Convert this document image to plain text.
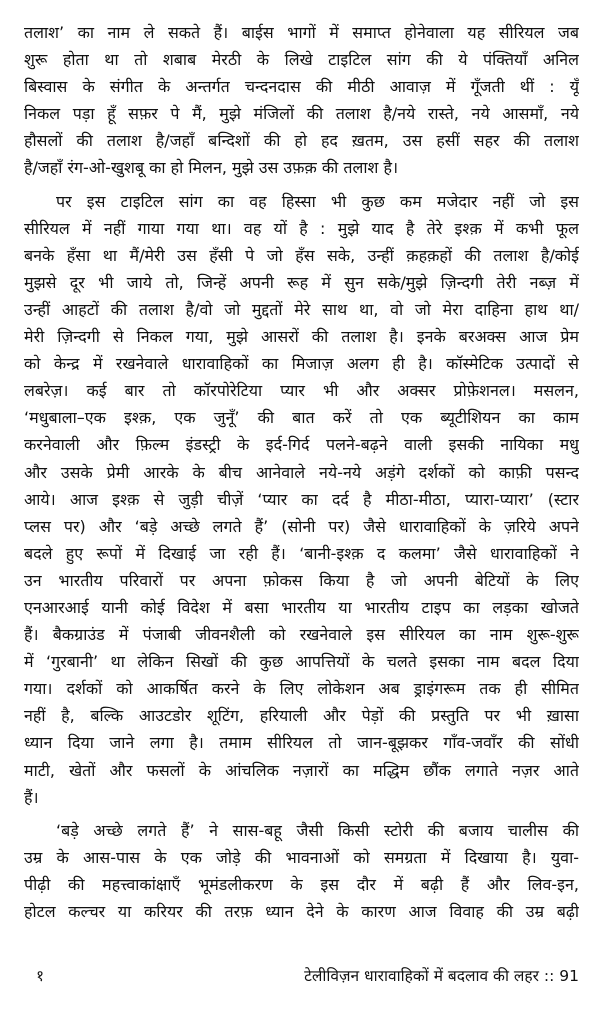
तलाश’ का नाम ले सकते हैं। बाईस भागों में समाप्त होनेवाला यह सीरियल जब
शुरू होता था तो शबाब मेरठी के लिखे टाइटिल सांग की ये पंक्तियाँ अनिल
बिस्वास के संगीत के अन्तर्गत चन्दनदास की मीठी आवाज़ में गूँजती थीं : यूँ
निकल पड़ा हूँ सफ़र पे मैं, मुझे मंजिलों की तलाश है/नये रास्ते, नये आसमाँ, नये
हौसलों की तलाश है/जहाँ बन्दिशों की हो हद ख़तम, उस हसीं सहर की तलाश
है/जहाँ रंग-ओ-खुशबू का हो मिलन, मुझे उस उफ़क़ की तलाश है।
पर इस टाइटिल सांग का वह हिस्सा भी कुछ कम मजेदार नहीं जो इस
सीरियल में नहीं गाया गया था। वह यों है : मुझे याद है तेरे इश्क़ में कभी फूल
बनके हँसा था मैं/मेरी उस हँसी पे जो हँस सके, उन्हीं क़हक़हों की तलाश है/कोई
मुझसे दूर भी जाये तो, जिन्हें अपनी रूह में सुन सके/मुझे ज़िन्दगी तेरी नब्ज़ में
उन्हीं आहटों की तलाश है/वो जो मुद्दतों मेरे साथ था, वो जो मेरा दाहिना हाथ था/
मेरी ज़िन्दगी से निकल गया, मुझे आसरों की तलाश है। इनके बरअक्स आज प्रेम
को केन्द्र में रखनेवाले धारावाहिकों का मिजाज़ अलग ही है। कॉस्मेटिक उत्पादों से
लबरेज़। कई बार तो कॉरपोरेटिया प्यार भी और अक्सर प्रोफ़ेशनल। मसलन,
‘मधुबाला–एक इश्क़, एक जुनूँ’ की बात करें तो एक ब्यूटीशियन का काम
करनेवाली और फ़िल्म इंडस्ट्री के इर्द-गिर्द पलने-बढ़ने वाली इसकी नायिका मधु
और उसके प्रेमी आरके के बीच आनेवाले नये-नये अड़ंगे दर्शकों को काफ़ी पसन्द
आये। आज इश्क़ से जुड़ी चीज़ें ‘प्यार का दर्द है मीठा-मीठा, प्यारा-प्यारा’ (स्टार
प्लस पर) और ‘बड़े अच्छे लगते हैं’ (सोनी पर) जैसे धारावाहिकों के ज़रिये अपने
बदले हुए रूपों में दिखाई जा रही हैं। ‘बानी-इश्क़ द कलमा’ जैसे धारावाहिकों ने
उन भारतीय परिवारों पर अपना फ़ोकस किया है जो अपनी बेटियों के लिए
एनआरआई यानी कोई विदेश में बसा भारतीय या भारतीय टाइप का लड़का खोजते
हैं। बैकग्राउंड में पंजाबी जीवनशैली को रखनेवाले इस सीरियल का नाम शुरू-शुरू
में ‘गुरबानी’ था लेकिन सिखों की कुछ आपत्तियों के चलते इसका नाम बदल दिया
गया। दर्शकों को आकर्षित करने के लिए लोकेशन अब ड्राइंगरूम तक ही सीमित
नहीं है, बल्कि आउटडोर शूटिंग, हरियाली और पेड़ों की प्रस्तुति पर भी ख़ासा
ध्यान दिया जाने लगा है। तमाम सीरियल तो जान-बूझकर गाँव-जवाँर की सोंधी
माटी, खेतों और फसलों के आंचलिक नज़ारों का मद्धिम छौंक लगाते नज़र आते
हैं।
‘बड़े अच्छे लगते हैं’ ने सास-बहू जैसी किसी स्टोरी की बजाय चालीस की
उम्र के आस-पास के एक जोड़े की भावनाओं को समग्रता में दिखाया है। युवा-
पीढ़ी की महत्त्वाकांक्षाएँ भूमंडलीकरण के इस दौर में बढ़ी हैं और लिव-इन,
होटल कल्चर या करियर की तरफ़ ध्यान देने के कारण आज विवाह की उम्र बढ़ी
१	टेलीविज़न धारावाहिकों में बदलाव की लहर :: 91
